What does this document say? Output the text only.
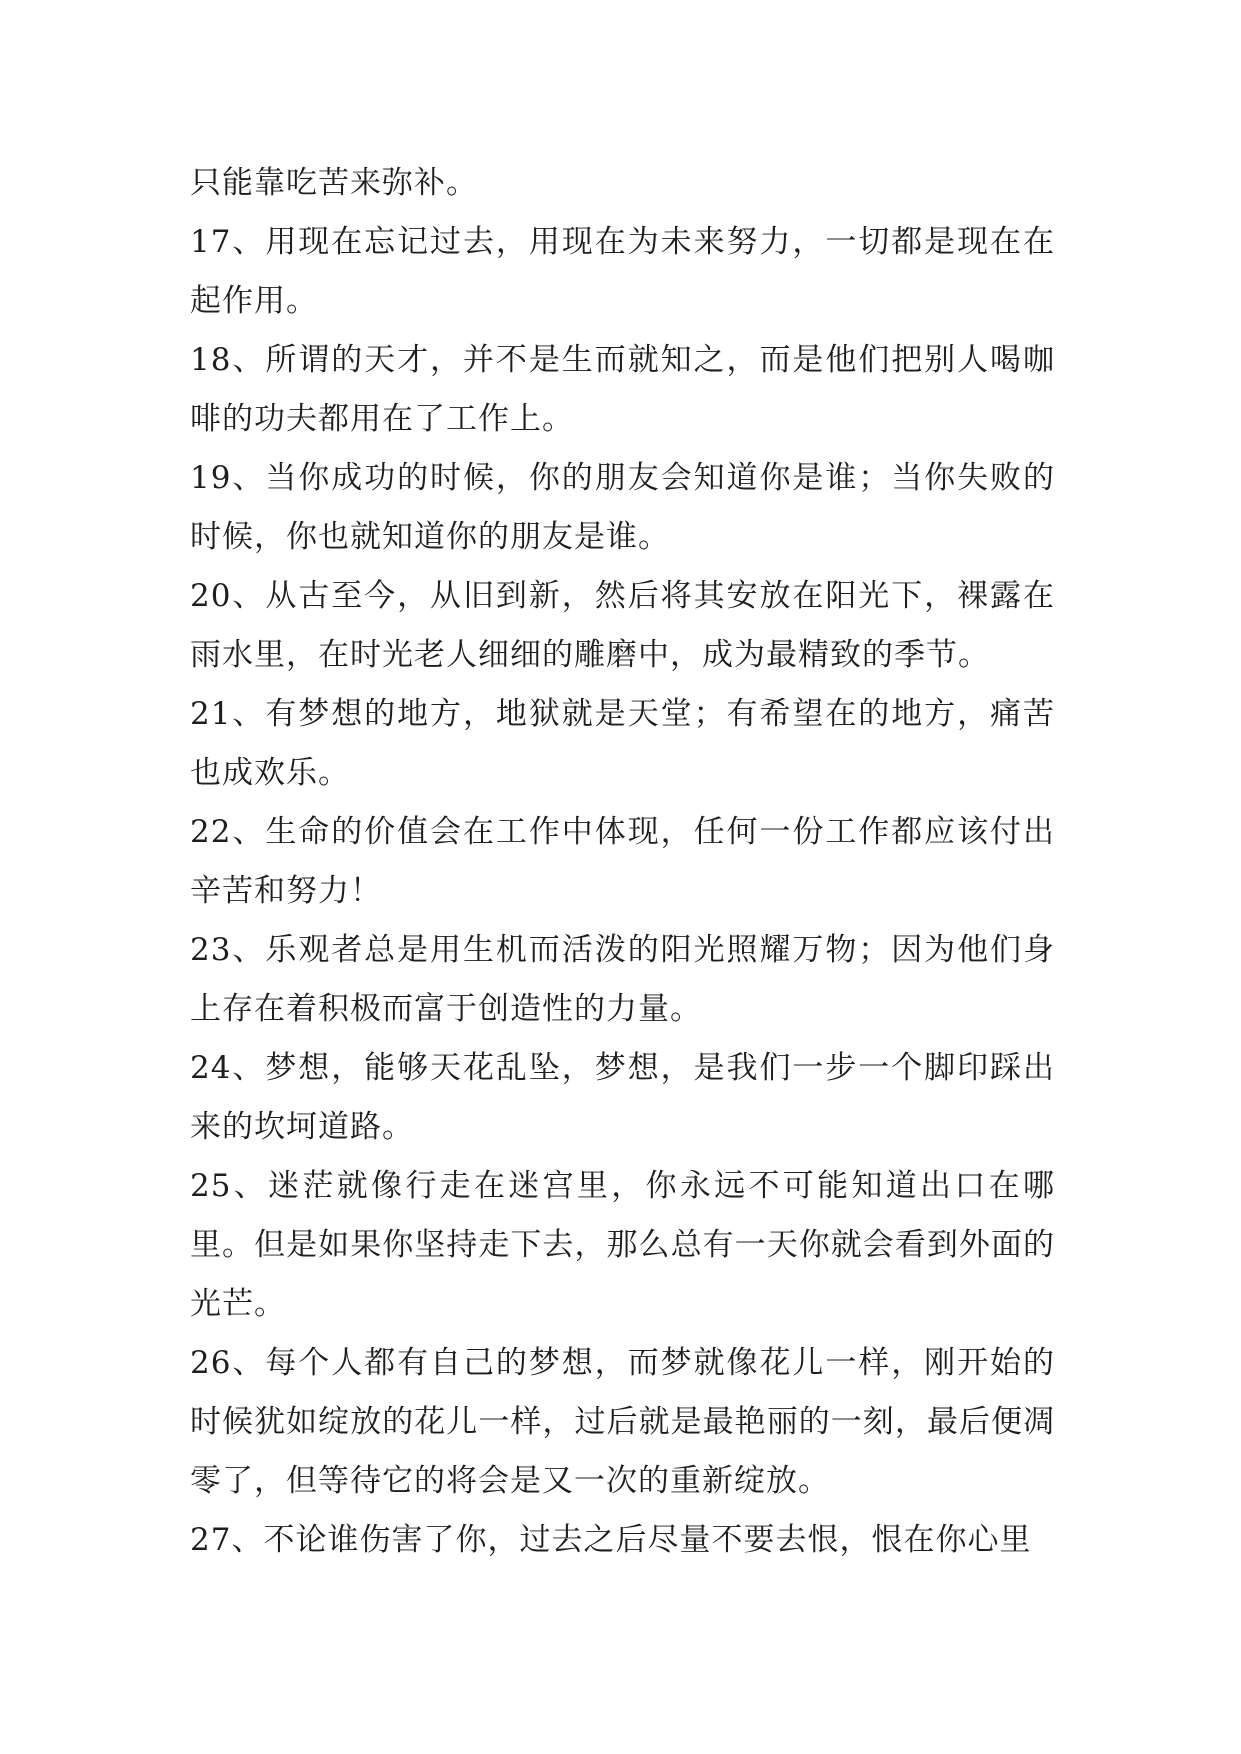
只能靠吃苦来弥补。

17、用现在忘记过去，用现在为未来努力，一切都是现在在起作用。

18、所谓的天才，并不是生而就知之，而是他们把别人喝咖啡的功夫都用在了工作上。

19、当你成功的时候，你的朋友会知道你是谁；当你失败的时候，你也就知道你的朋友是谁。

20、从古至今，从旧到新，然后将其安放在阳光下，裸露在雨水里，在时光老人细细的雕磨中，成为最精致的季节。

21、有梦想的地方，地狱就是天堂；有希望在的地方，痛苦也成欢乐。

22、生命的价值会在工作中体现，任何一份工作都应该付出辛苦和努力！

23、乐观者总是用生机而活泼的阳光照耀万物；因为他们身上存在着积极而富于创造性的力量。

24、梦想，能够天花乱坠，梦想，是我们一步一个脚印踩出来的坎坷道路。

25、迷茫就像行走在迷宫里，你永远不可能知道出口在哪里。但是如果你坚持走下去，那么总有一天你就会看到外面的光芒。

26、每个人都有自己的梦想，而梦就像花儿一样，刚开始的时候犹如绽放的花儿一样，过后就是最艳丽的一刻，最后便凋零了，但等待它的将会是又一次的重新绽放。

27、不论谁伤害了你，过去之后尽量不要去恨，恨在你心里
